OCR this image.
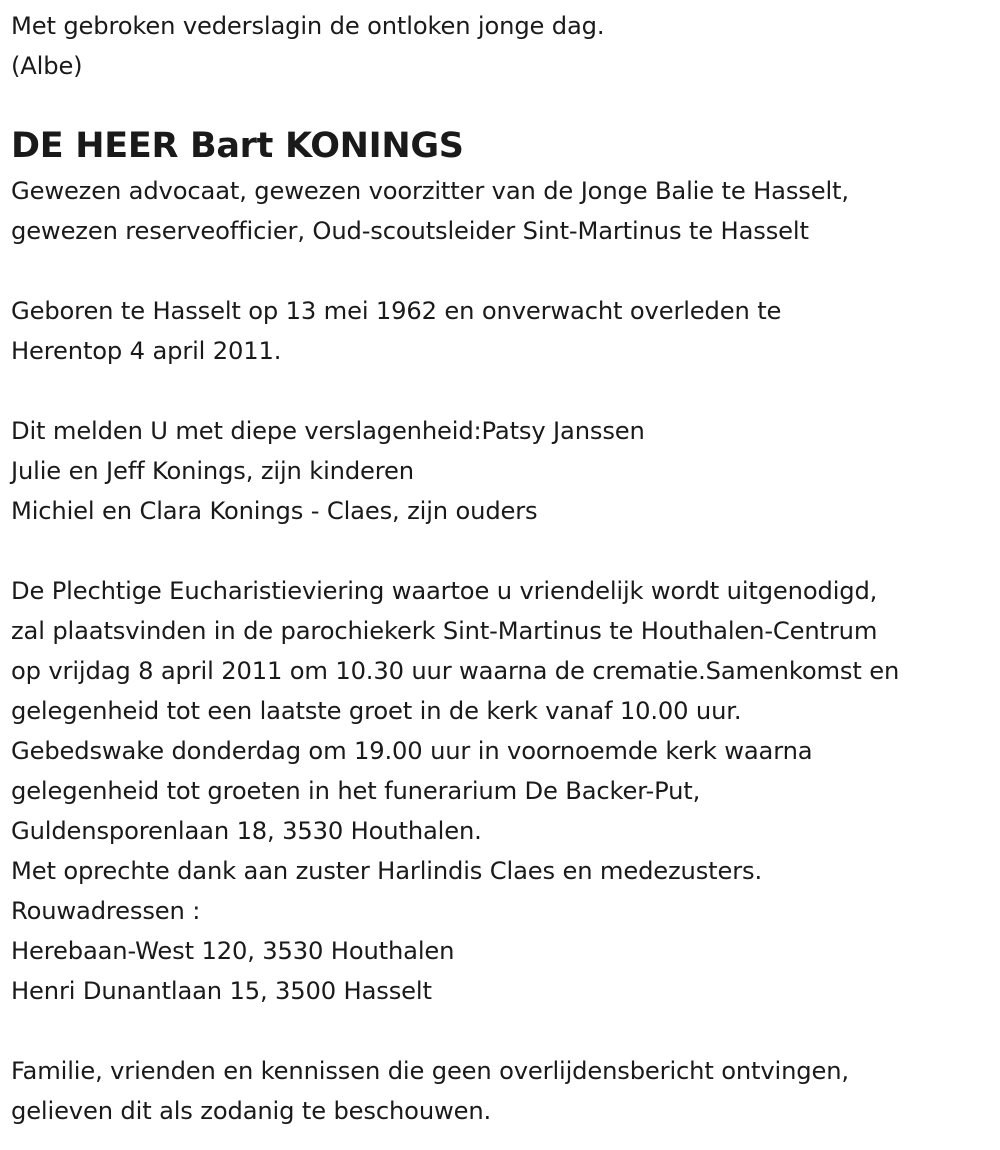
Met gebroken vederslagin de ontloken jonge dag.
(Albe)
DE HEER Bart KONINGS
Gewezen advocaat, gewezen voorzitter van de Jonge Balie te Hasselt,
gewezen reserveofficier, Oud-scoutsleider Sint-Martinus te Hasselt
Geboren te Hasselt op 13 mei 1962 en onverwacht overleden te
Herentop 4 april 2011.
Dit melden U met diepe verslagenheid:Patsy Janssen
Julie en Jeff Konings, zijn kinderen
Michiel en Clara Konings - Claes, zijn ouders
De Plechtige Eucharistieviering waartoe u vriendelijk wordt uitgenodigd,
zal plaatsvinden in de parochiekerk Sint-Martinus te Houthalen-Centrum
op vrijdag 8 april 2011 om 10.30 uur waarna de crematie.Samenkomst en
gelegenheid tot een laatste groet in de kerk vanaf 10.00 uur.
Gebedswake donderdag om 19.00 uur in voornoemde kerk waarna
gelegenheid tot groeten in het funerarium De Backer-Put,
Guldensporenlaan 18, 3530 Houthalen.
Met oprechte dank aan zuster Harlindis Claes en medezusters.
Rouwadressen :
Herebaan-West 120, 3530 Houthalen
Henri Dunantlaan 15, 3500 Hasselt
Familie, vrienden en kennissen die geen overlijdensbericht ontvingen,
gelieven dit als zodanig te beschouwen.
